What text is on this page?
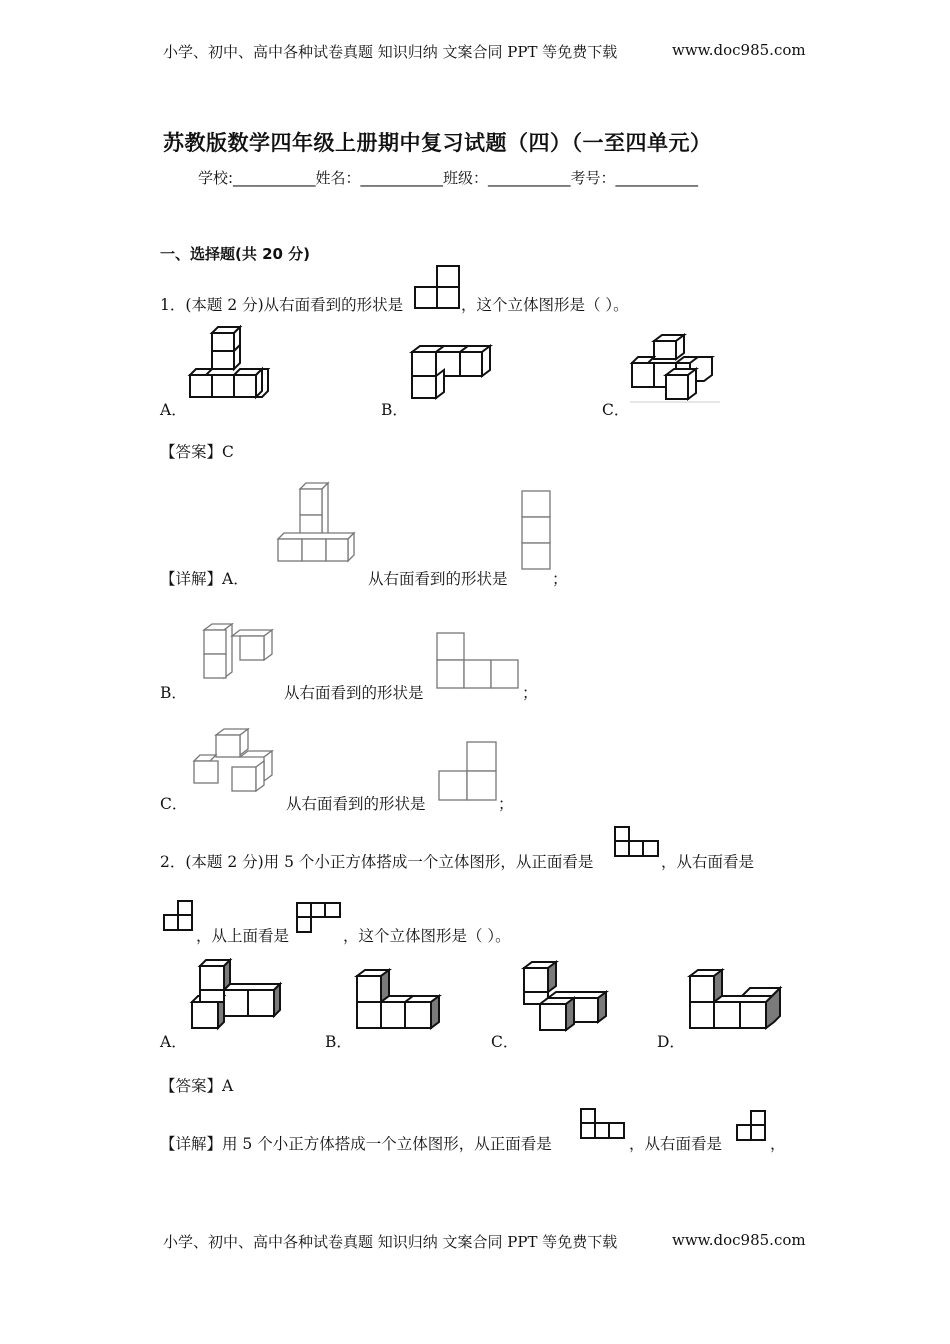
小学、初中、高中各种试卷真题 知识归纳 文案合同 PPT 等免费下载	www.doc985.com
苏教版数学四年级上册期中复习试题（四）（一至四单元）
学校:___________姓名：___________班级：___________考号：___________
一、选择题(共 20 分)
1．(本题 2 分)从右面看到的形状是	，这个立体图形是（ ）。
A．	B．	C．
【答案】C
【详解】A．	从右面看到的形状是	；
B．	从右面看到的形状是	；
C．	从右面看到的形状是	；
2．(本题 2 分)用 5 个小正方体搭成一个立体图形，从正面看是	，从右面看是
，从上面看是	，这个立体图形是（ ）。
A．	B．	C．	D．
【答案】A
【详解】用 5 个小正方体搭成一个立体图形，从正面看是	，从右面看是	，
小学、初中、高中各种试卷真题 知识归纳 文案合同 PPT 等免费下载	www.doc985.com
